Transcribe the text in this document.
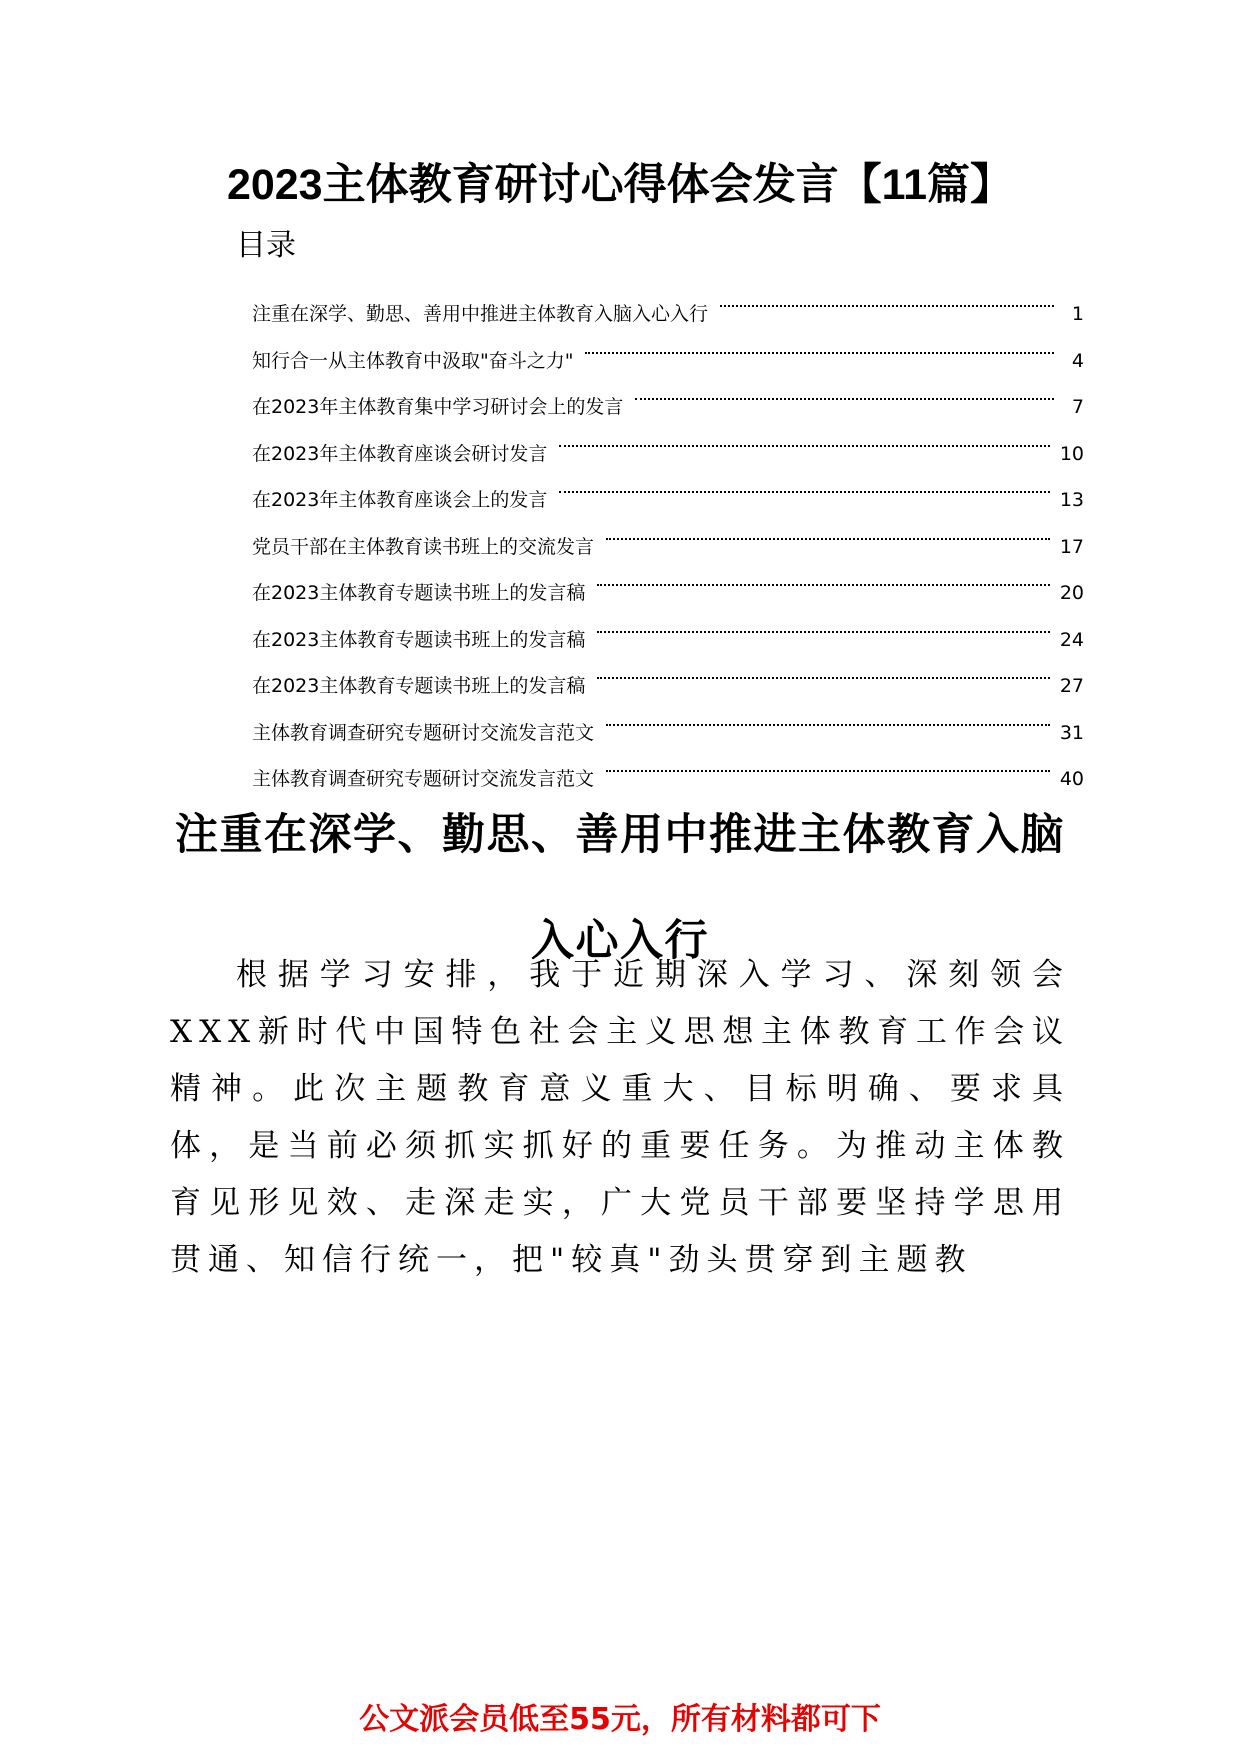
2023主体教育研讨心得体会发言【11篇】
目录
注重在深学、勤思、善用中推进主体教育入脑入心入行	1
知行合一从主体教育中汲取"奋斗之力"	4
在2023年主体教育集中学习研讨会上的发言	7
在2023年主体教育座谈会研讨发言	10
在2023年主体教育座谈会上的发言	13
党员干部在主体教育读书班上的交流发言	17
在2023主体教育专题读书班上的发言稿	20
在2023主体教育专题读书班上的发言稿	24
在2023主体教育专题读书班上的发言稿	27
主体教育调查研究专题研讨交流发言范文	31
主体教育调查研究专题研讨交流发言范文	40
注重在深学、勤思、善用中推进主体教育入脑入心入行

根据学习安排，我于近期深入学习、深刻领会XXX新时代中国特色社会主义思想主体教育工作会议精神。此次主题教育意义重大、目标明确、要求具体，是当前必须抓实抓好的重要任务。为推动主体教育见形见效、走深走实，广大党员干部要坚持学思用贯通、知信行统一，把"较真"劲头贯穿到主题教

公文派会员低至55元，所有材料都可下
